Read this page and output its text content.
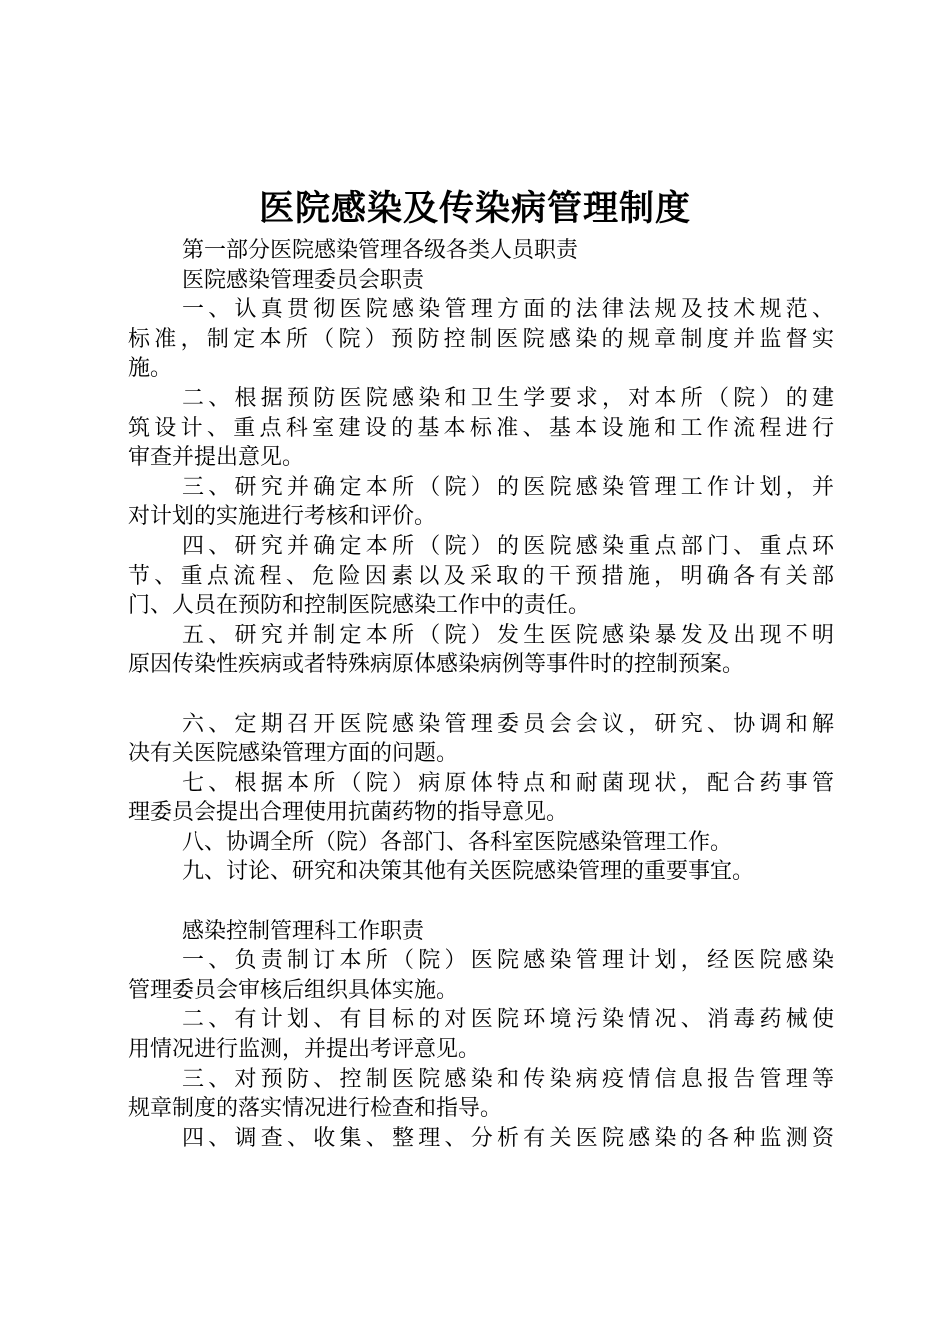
医院感染及传染病管理制度
第一部分医院感染管理各级各类人员职责
医院感染管理委员会职责
一、认真贯彻医院感染管理方面的法律法规及技术规范、
标准，制定本所（院）预防控制医院感染的规章制度并监督实
施。
二、根据预防医院感染和卫生学要求，对本所（院）的建
筑设计、重点科室建设的基本标准、基本设施和工作流程进行
审查并提出意见。
三、研究并确定本所（院）的医院感染管理工作计划，并
对计划的实施进行考核和评价。
四、研究并确定本所（院）的医院感染重点部门、重点环
节、重点流程、危险因素以及采取的干预措施，明确各有关部
门、人员在预防和控制医院感染工作中的责任。
五、研究并制定本所（院）发生医院感染暴发及出现不明
原因传染性疾病或者特殊病原体感染病例等事件时的控制预案。
六、定期召开医院感染管理委员会会议，研究、协调和解
决有关医院感染管理方面的问题。
七、根据本所（院）病原体特点和耐菌现状，配合药事管
理委员会提出合理使用抗菌药物的指导意见。
八、协调全所（院）各部门、各科室医院感染管理工作。
九、讨论、研究和决策其他有关医院感染管理的重要事宜。
感染控制管理科工作职责
一、负责制订本所（院）医院感染管理计划，经医院感染
管理委员会审核后组织具体实施。
二、有计划、有目标的对医院环境污染情况、消毒药械使
用情况进行监测，并提出考评意见。
三、对预防、控制医院感染和传染病疫情信息报告管理等
规章制度的落实情况进行检查和指导。
四、调查、收集、整理、分析有关医院感染的各种监测资
